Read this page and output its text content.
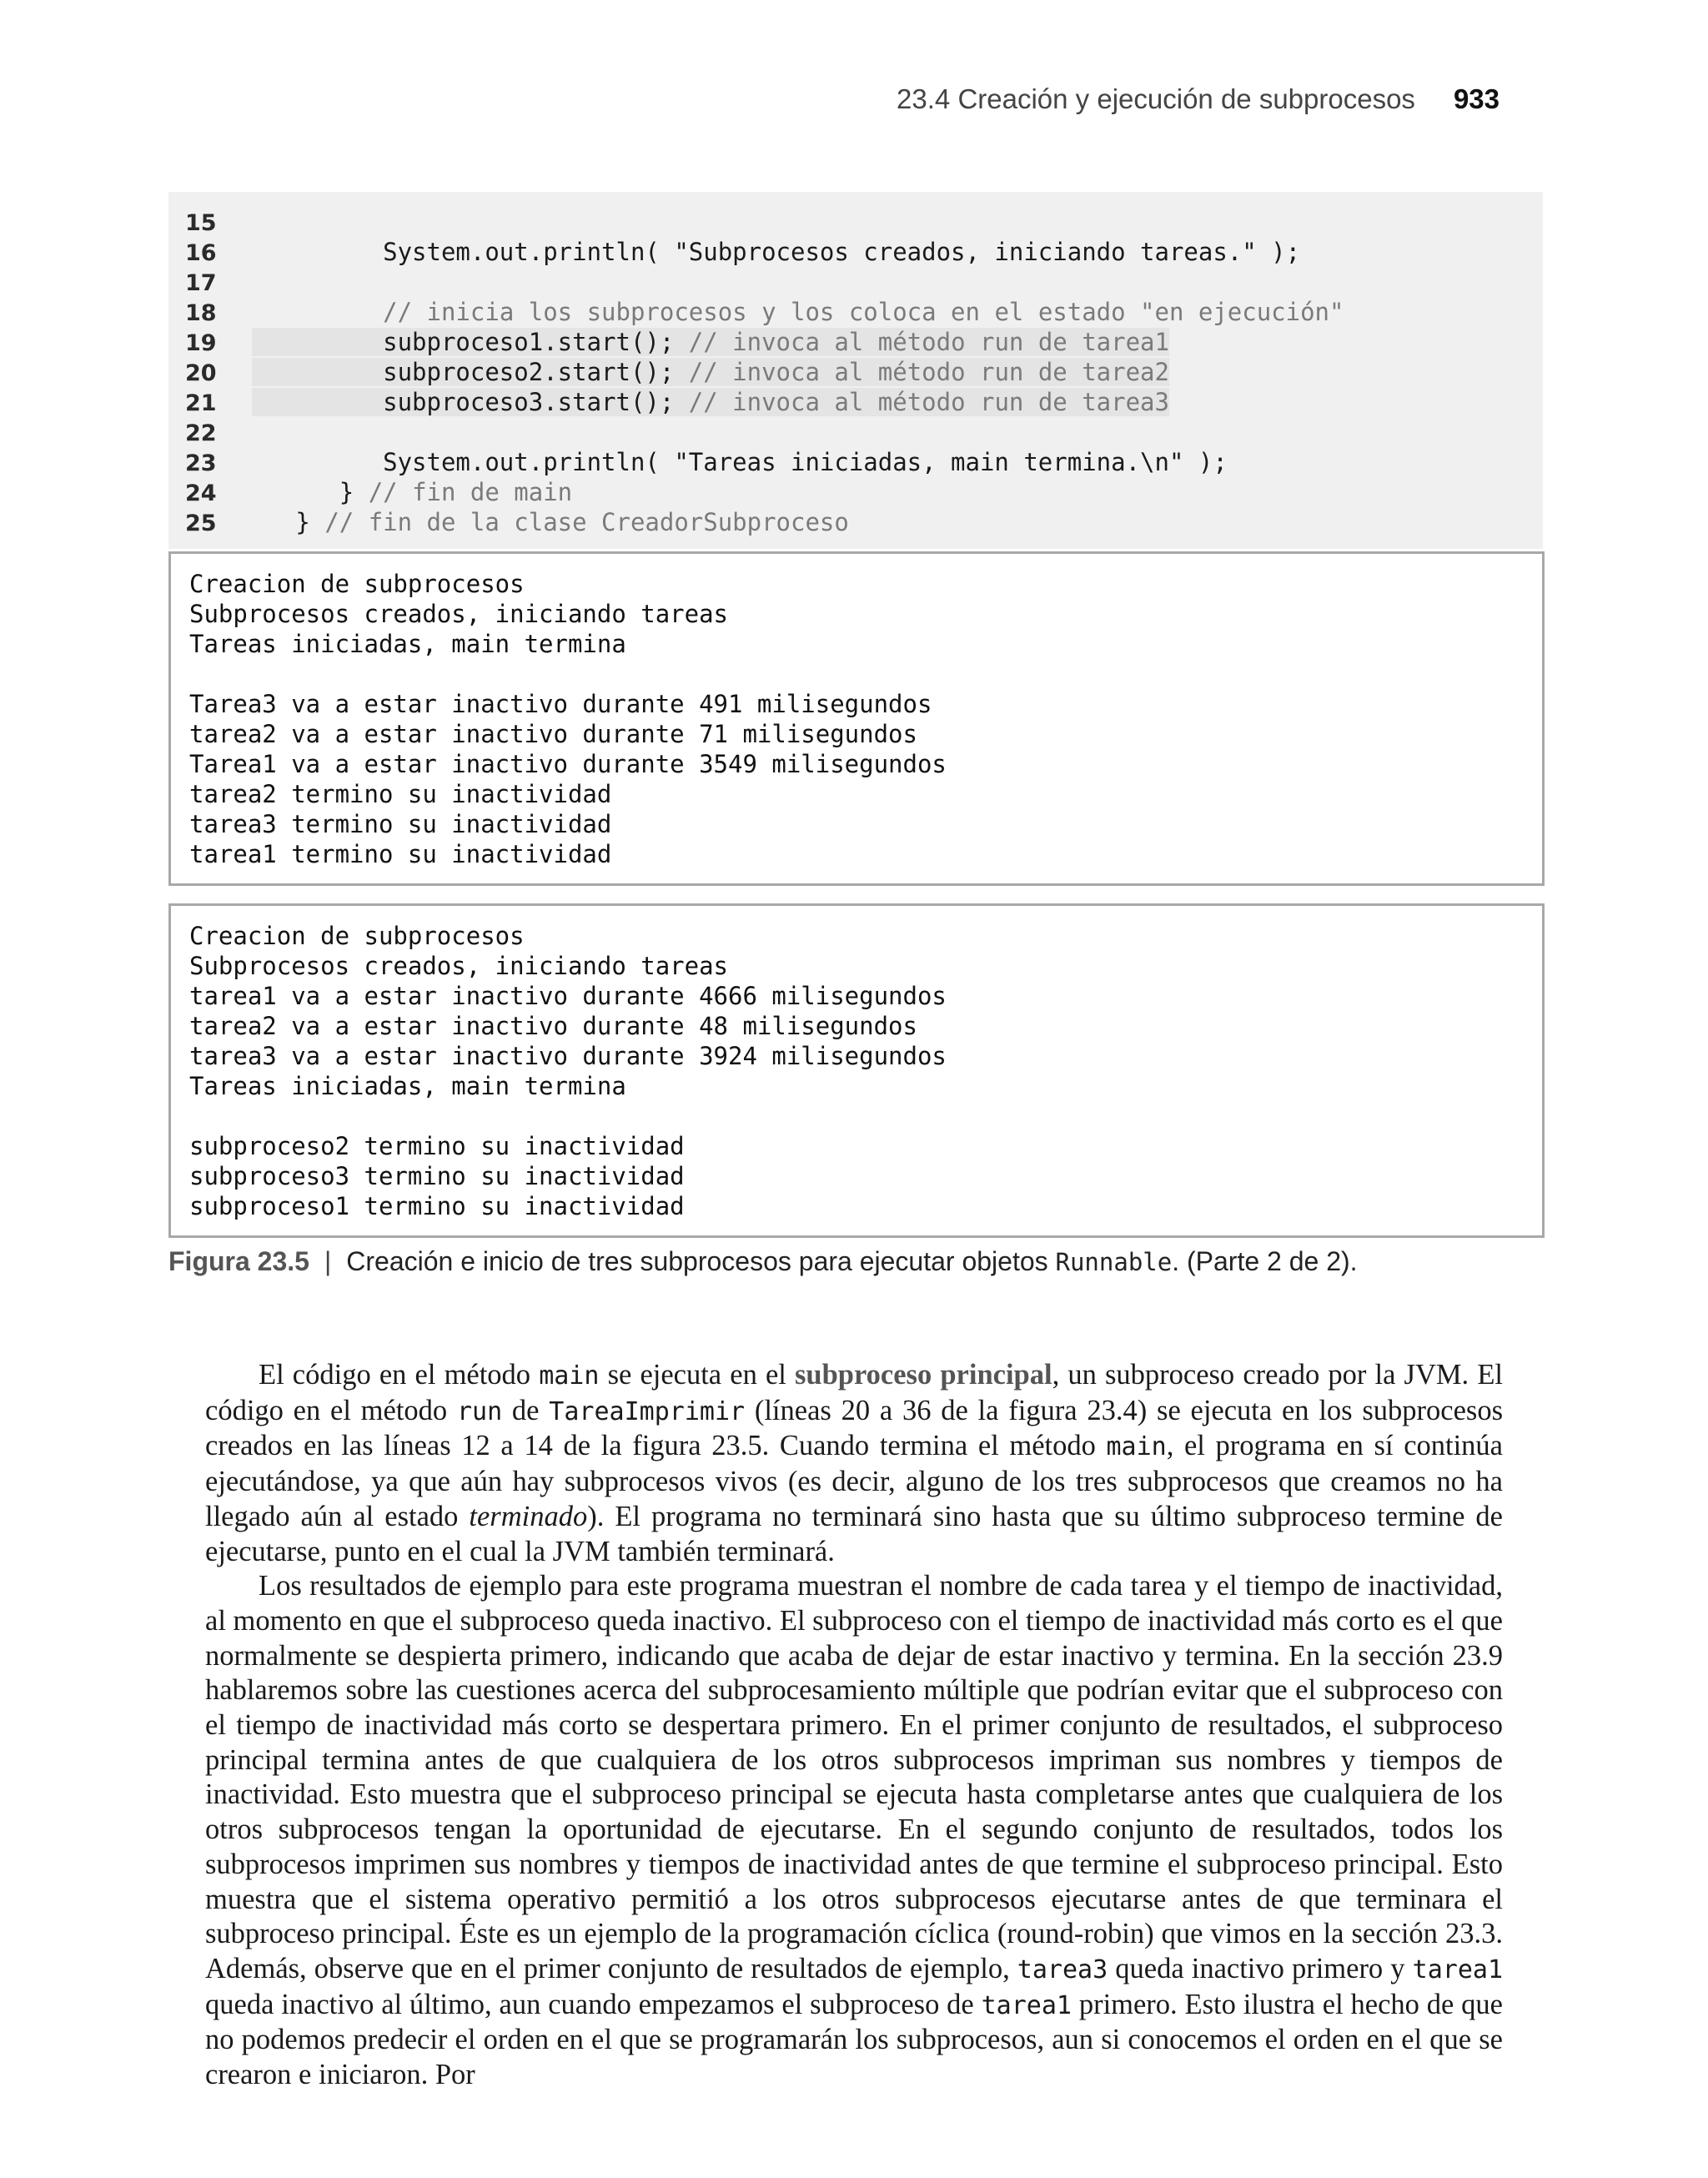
23.4 Creación y ejecución de subprocesos 933
15
16         System.out.println( "Subprocesos creados, iniciando tareas." );
17
18	// inicia los subprocesos y los coloca en el estado "en ejecución"
19         subproceso1.start(); // invoca al método run de tarea1
20         subproceso2.start(); // invoca al método run de tarea2
21         subproceso3.start(); // invoca al método run de tarea3
22
23         System.out.println( "Tareas iniciadas, main termina.\n" );
24      } // fin de main
25   } // fin de la clase CreadorSubproceso
Creacion de subprocesos
Subprocesos creados, iniciando tareas
Tareas iniciadas, main termina
Tarea3 va a estar inactivo durante 491 milisegundos
tarea2 va a estar inactivo durante 71 milisegundos
Tarea1 va a estar inactivo durante 3549 milisegundos
tarea2 termino su inactividad
tarea3 termino su inactividad
tarea1 termino su inactividad
Creacion de subprocesos
Subprocesos creados, iniciando tareas
tarea1 va a estar inactivo durante 4666 milisegundos
tarea2 va a estar inactivo durante 48 milisegundos
tarea3 va a estar inactivo durante 3924 milisegundos
Tareas iniciadas, main termina
subproceso2 termino su inactividad
subproceso3 termino su inactividad
subproceso1 termino su inactividad
Figura 23.5 | Creación e inicio de tres subprocesos para ejecutar objetos Runnable. (Parte 2 de 2).

El código en el método main se ejecuta en el subproceso principal, un subproceso creado por la JVM. El código en el método run de TareaImprimir (líneas 20 a 36 de la figura 23.4) se ejecuta en los subprocesos creados en las líneas 12 a 14 de la figura 23.5. Cuando termina el método main, el programa en sí continúa ejecutándose, ya que aún hay subprocesos vivos (es decir, alguno de los tres subprocesos que creamos no ha llegado aún al estado terminado). El programa no terminará sino hasta que su último subproceso termine de ejecutarse, punto en el cual la JVM también terminará.

Los resultados de ejemplo para este programa muestran el nombre de cada tarea y el tiempo de inactividad, al momento en que el subproceso queda inactivo. El subproceso con el tiempo de inactividad más corto es el que normalmente se despierta primero, indicando que acaba de dejar de estar inactivo y termina. En la sección 23.9 hablaremos sobre las cuestiones acerca del subprocesamiento múltiple que podrían evitar que el subproceso con el tiempo de inactividad más corto se despertara primero. En el primer conjunto de resultados, el subproceso principal termina antes de que cualquiera de los otros subprocesos impriman sus nombres y tiempos de inactividad. Esto muestra que el subproceso principal se ejecuta hasta completarse antes que cualquiera de los otros subprocesos tengan la oportunidad de ejecutarse. En el segundo conjunto de resultados, todos los subprocesos imprimen sus nombres y tiempos de inactividad antes de que termine el subproceso principal. Esto muestra que el sistema operativo permitió a los otros subprocesos ejecutarse antes de que terminara el subproceso principal. Éste es un ejemplo de la programación cíclica (round-robin) que vimos en la sección 23.3. Además, observe que en el primer conjunto de resultados de ejemplo, tarea3 queda inactivo primero y tarea1 queda inactivo al último, aun cuando empezamos el subproceso de tarea1 primero. Esto ilustra el hecho de que no podemos predecir el orden en el que se programarán los subprocesos, aun si conocemos el orden en el que se crearon e iniciaron. Por
